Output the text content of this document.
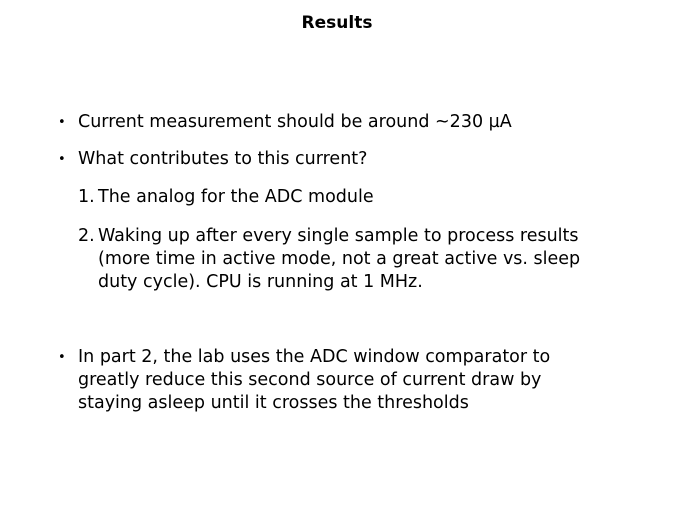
Results
• Current measurement should be around ~230 µA
• What contributes to this current?
1. The analog for the ADC module
2. Waking up after every single sample to process results (more time in active mode, not a great active vs. sleep duty cycle). CPU is running at 1 MHz.
• In part 2, the lab uses the ADC window comparator to greatly reduce this second source of current draw by staying asleep until it crosses the thresholds
